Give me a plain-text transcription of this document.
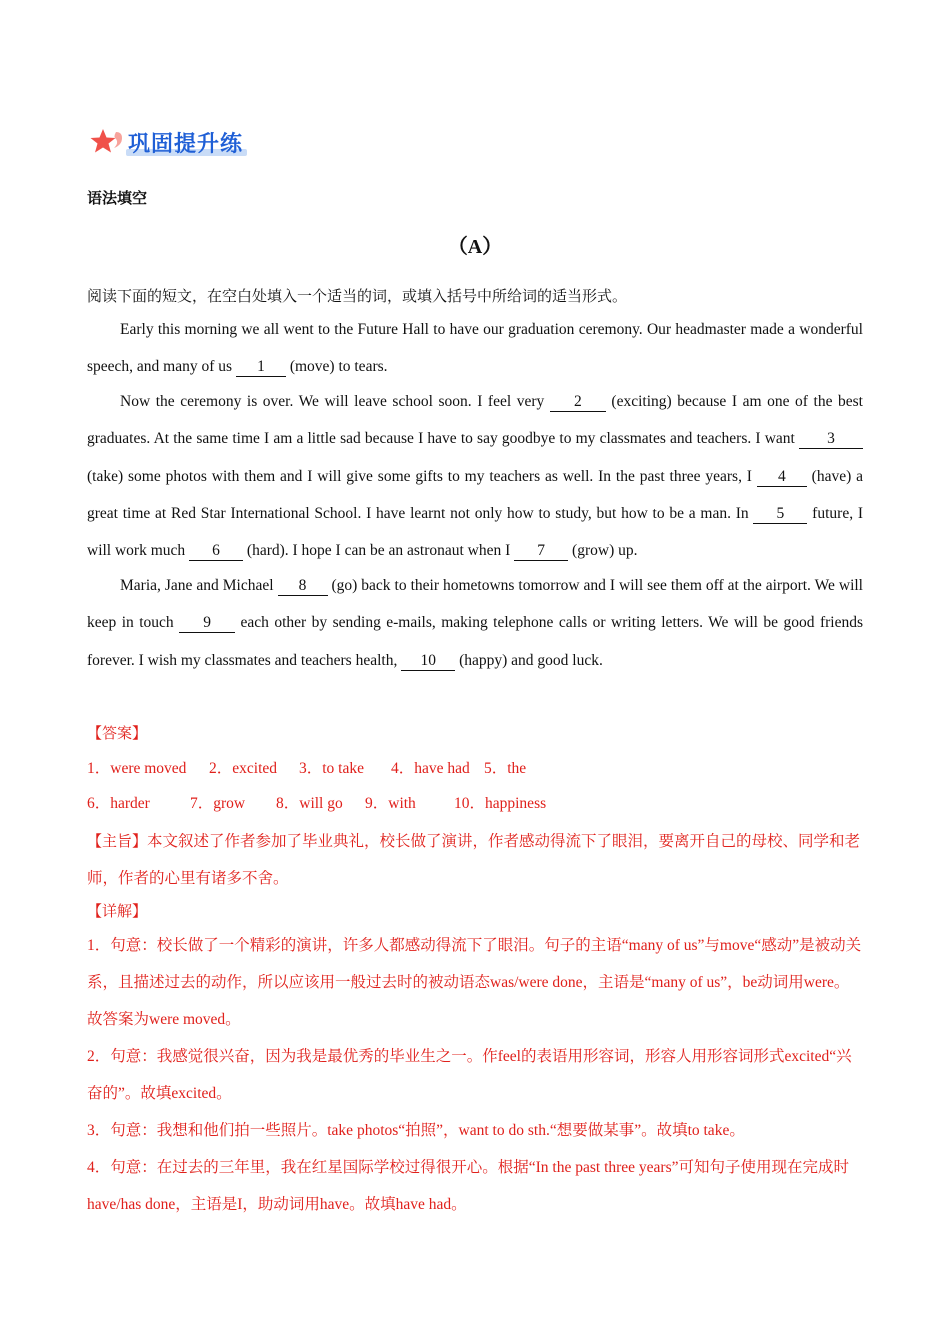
巩固提升练
语法填空
（A）
阅读下面的短文，在空白处填入一个适当的词，或填入括号中所给词的适当形式。

Early this morning we all went to the Future Hall to have our graduation ceremony. Our headmaster made a wonderful speech, and many of us 1 (move) to tears.

Now the ceremony is over. We will leave school soon. I feel very 2 (exciting) because I am one of the best graduates. At the same time I am a little sad because I have to say goodbye to my classmates and teachers. I want 3 (take) some photos with them and I will give some gifts to my teachers as well. In the past three years, I 4 (have) a great time at Red Star International School. I have learnt not only how to study, but how to be a man. In 5 future, I will work much 6 (hard). I hope I can be an astronaut when I 7 (grow) up.

Maria, Jane and Michael 8 (go) back to their hometowns tomorrow and I will see them off at the airport. We will keep in touch 9 each other by sending e-mails, making telephone calls or writing letters. We will be good friends forever. I wish my classmates and teachers health, 10 (happy) and good luck.

【答案】
1．were moved 2．excited 3．to take 4．have had 5．the
6．harder	7．grow 8．will go 9．with 10．happiness
【主旨】本文叙述了作者参加了毕业典礼，校长做了演讲，作者感动得流下了眼泪，要离开自己的母校、同学和老师，作者的心里有诸多不舍。
【详解】
1．句意：校长做了一个精彩的演讲，许多人都感动得流下了眼泪。句子的主语“many of us”与move“感动”是被动关系，且描述过去的动作，所以应该用一般过去时的被动语态was/were done，主语是“many of us”，be动词用were。故答案为were moved。
2．句意：我感觉很兴奋，因为我是最优秀的毕业生之一。作feel的表语用形容词，形容人用形容词形式excited“兴奋的”。故填excited。
3．句意：我想和他们拍一些照片。take photos“拍照”，want to do sth.“想要做某事”。故填to take。
4．句意：在过去的三年里，我在红星国际学校过得很开心。根据“In the past three years”可知句子使用现在完成时have/has done，主语是I，助动词用have。故填have had。
